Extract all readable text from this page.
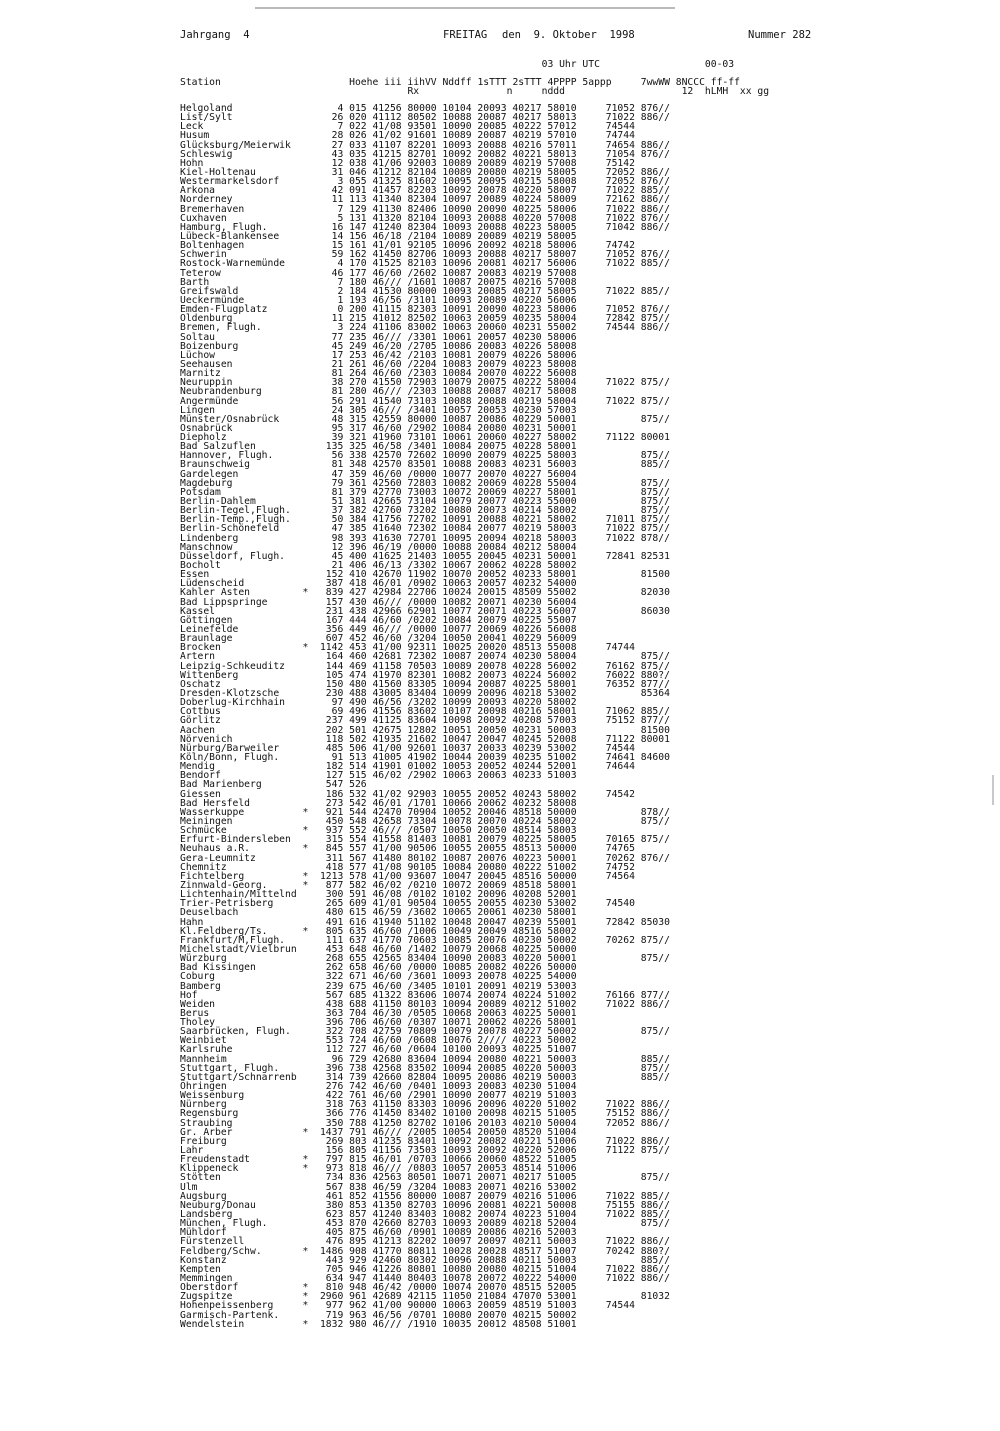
Jahrgang  4	FREITAG den  9. Oktober  1998	Nummer 282
03 Uhr UTC                  00-03
Station                      Hoehe iii iihVV Nddff 1sTTT 2sTTT 4PPPP 5appp     7wwWW 8NCCC ff-ff
Rx               n     nddd                    12  hLMH  xx gg
Helgoland	4 015 41256 80000 10104 20093 40217 58010     71052 876//
List/Sylt	26 020 41112 80502 10088 20087 40217 58013     71022 886//
Leck	7 022 41/08 93501 10090 20085 40222 57012     74544
Husum	28 026 41/02 91601 10089 20087 40219 57010     74744
Glücksburg/Meierwik   27 033 41107 82201 10093 20088 40216 57011     74654 886//
Schleswig	43 035 41215 82701 10092 20082 40221 58013     71054 876//
Hohn	12 038 41/06 92003 10089 20089 40219 57008     75142
Kiel-Holtenau	31 046 41212 82104 10089 20080 40219 58005     72052 886//
Westermarkelsdorf	3 055 41325 81602 10095 20095 40215 58008     72052 876//
Arkona	42 091 41457 82203 10092 20078 40220 58007     71022 885//
Norderney	11 113 41340 82304 10097 20089 40224 58009     72162 886//
Bremerhaven	7 129 41130 82406 10090 20090 40225 58006     71022 886//
Cuxhaven	5 131 41320 82104 10093 20088 40220 57008     71022 876//
Hamburg, Flugh.	16 147 41240 82304 10093 20088 40223 58005     71042 886//
Lübeck-Blankensee	14 156 46/18 /2104 10089 20089 40219 58005
Boltenhagen	15 161 41/01 92105 10096 20092 40218 58006     74742
Schwerin	59 162 41450 82706 10093 20088 40217 58007     71052 876//
Rostock-Warnemünde	4 170 41525 82103 10096 20081 40217 56006     71022 885//
Teterow	46 177 46/60 /2602 10087 20083 40219 57008
Barth	7 180 46/// /1601 10087 20075 40216 57008
Greifswald	2 184 41530 80000 10093 20085 40217 58005     71022 885//
Ueckermünde	1 193 46/56 /3101 10093 20089 40220 56006
Emden-Flugplatz	0 200 41115 82303 10091 20090 40223 58006     71052 876//
Oldenburg	11 215 41012 82502 10063 20059 40235 58004     72842 875//
Bremen, Flugh.	3 224 41106 83002 10063 20060 40231 55002     74544 886//
Soltau	77 235 46/// /3301 10061 20057 40230 58006
Boizenburg	45 249 46/20 /2705 10086 20083 40226 58008
Lüchow	17 253 46/42 /2103 10081 20079 40226 58006
Seehausen	21 261 46/60 /2204 10083 20079 40223 58008
Marnitz	81 264 46/60 /2303 10084 20070 40222 56008
Neuruppin	38 270 41550 72903 10079 20075 40222 58004     71022 875//
Neubrandenburg	81 280 46/// /2303 10088 20087 40217 58008
Angermünde	56 291 41540 73103 10088 20088 40219 58004     71022 875//
Lingen	24 305 46/// /3401 10057 20053 40230 57003
Münster/Osnabrück	48 315 42559 80000 10087 20086 40229 50001           875//
Osnabrück	95 317 46/60 /2902 10084 20080 40231 50001
Diepholz	39 321 41960 73101 10061 20060 40227 58002     71122 80001
Bad Salzuflen	135 325 46/58 /3401 10084 20075 40228 58001
Hannover, Flugh.	56 338 42570 72602 10090 20079 40225 58003           875//
Braunschweig	81 348 42570 83501 10088 20083 40231 56003           885//
Gardelegen	47 359 46/60 /0000 10077 20070 40227 56004
Magdeburg	79 361 42560 72803 10082 20069 40228 55004           875//
Potsdam	81 379 42770 73003 10072 20069 40227 58001           875//
Berlin-Dahlem	51 381 42665 73104 10079 20077 40223 55000           875//
Berlin-Tegel,Flugh.   37 382 42760 73202 10080 20073 40214 58002           875//
Berlin-Temp.,Flugh.   50 384 41756 72702 10091 20088 40221 58002     71011 875//
Berlin-Schönefeld	47 385 41640 72302 10084 20077 40219 58003     71022 875//
Lindenberg	98 393 41630 72701 10095 20094 40218 58003     71022 878//
Manschnow	12 396 46/19 /0000 10088 20084 40212 58004
Düsseldorf, Flugh.	45 400 41625 21403 10055 20045 40231 50001     72841 82531
Bocholt	21 406 46/13 /3302 10067 20062 40228 58002
Essen	152 410 42670 11902 10070 20052 40233 58001           81500
Lüdenscheid	387 418 46/01 /0902 10063 20057 40232 54000
Kahler Asten	*  839 427 42984 22706 10024 20015 48509 55002           82030
Bad Lippspringe	157 430 46/// /0000 10082 20071 40230 56004
Kassel	231 438 42966 62901 10077 20071 40223 56007           86030
Göttingen	167 444 46/60 /0202 10084 20079 40225 55007
Leinefelde	356 449 46/// /0000 10077 20069 40226 56008
Braunlage	607 452 46/60 /3204 10050 20041 40229 56009
Brocken	* 1142 453 41/00 92311 10025 20020 48513 55008     74744
Artern	164 460 42681 72302 10087 20074 40230 58004           875//
Leipzig-Schkeuditz	144 469 41158 70503 10089 20078 40228 56002     76162 875//
Wittenberg	105 474 41970 82301 10082 20073 40224 56002     76022 880?/
Oschatz	150 480 41560 83305 10094 20087 40225 58001     76352 877//
Dresden-Klotzsche	230 488 43005 83404 10099 20096 40218 53002           85364
Doberlug-Kirchhain	97 490 46/56 /3202 10099 20093 40220 58002
Cottbus	69 496 41556 83602 10107 20098 40216 58001     71062 885//
Görlitz	237 499 41125 83604 10098 20092 40208 57003     75152 877//
Aachen	202 501 42675 12802 10051 20050 40231 50003           81500
Nörvenich	118 502 41935 21602 10047 20047 40245 52008     71122 80001
Nürburg/Barweiler	485 506 41/00 92601 10037 20033 40239 53002     74544
Köln/Bonn, Flugh.	91 513 41005 41902 10044 20039 40235 51002     74641 84600
Mendig	182 514 41901 01002 10053 20052 40244 52001     74644
Bendorf	127 515 46/02 /2902 10063 20063 40233 51003
Bad Marienberg	547 526
Giessen	186 532 41/02 92903 10055 20052 40243 58002     74542
Bad Hersfeld	273 542 46/01 /1701 10066 20062 40232 58008
Wasserkuppe	*  921 544 42470 70904 10052 20046 48518 50000           878//
Meiningen	450 548 42658 73304 10078 20070 40224 58002           875//
Schmücke	*  937 552 46/// /0507 10050 20050 48514 58003
Erfurt-Bindersleben  315 554 41558 81403 10081 20079 40225 58005     70165 875//
Neuhaus a.R.	*  845 557 41/00 90506 10055 20055 48513 50000     74765
Gera-Leumnitz	311 567 41480 80102 10087 20076 40223 50001     70262 876//
Chemnitz	418 577 41/08 90105 10084 20080 40222 51002     74752
Fichtelberg	* 1213 578 41/00 93607 10047 20045 48516 50000     74564
Zinnwald-Georg.	*  877 582 46/02 /0210 10072 20069 48518 58001
Lichtenhain/Mittelnd  300 591 46/08 /0102 10102 20096 40208 52001
Trier-Petrisberg	265 609 41/01 90504 10055 20055 40230 53002     74540
Deuselbach	480 615 46/59 /3602 10065 20061 40230 58001
Hahn	491 616 41940 51102 10048 20047 40239 55001     72842 85030
Kl.Feldberg/Ts.	*  805 635 46/60 /1006 10049 20049 48516 58002
Frankfurt/M,Flugh.	111 637 41770 70603 10085 20076 40230 50002     70262 875//
Michelstadt/Vielbrun  453 648 46/60 /1402 10079 20068 40225 50000
Würzburg	268 655 42565 83404 10090 20083 40220 50001           875//
Bad Kissingen	262 658 46/60 /0000 10085 20082 40226 50000
Coburg	322 671 46/60 /3601 10093 20078 40225 54000
Bamberg	239 675 46/60 /3405 10101 20091 40219 53003
Hof	567 685 41322 83606 10074 20074 40224 51002     76166 877//
Weiden	438 688 41150 80103 10094 20089 40212 51002     71022 886//
Berus	363 704 46/30 /0505 10068 20063 40225 50001
Tholey	396 706 46/60 /0307 10071 20062 40226 58001
Saarbrücken, Flugh.  322 708 42759 70809 10079 20078 40227 50002           875//
Weinbiet	553 724 46/60 /0608 10076 2//// 40223 50002
Karlsruhe	112 727 46/60 /0604 10100 20093 40225 51007
Mannheim	96 729 42680 83604 10094 20080 40221 50003           885//
Stuttgart, Flugh.	396 738 42568 83502 10094 20085 40220 50003           875//
Stuttgart/Schnarrenb  314 739 42660 82804 10095 20086 40219 50003           885//
Öhringen	276 742 46/60 /0401 10093 20083 40230 51004
Weissenburg	422 761 46/60 /2901 10090 20077 40219 51003
Nürnberg	318 763 41150 83303 10096 20096 40220 51002     71022 886//
Regensburg	366 776 41450 83402 10100 20098 40215 51005     75152 886//
Straubing	350 788 41250 82702 10106 20103 40210 50004     72052 886//
Gr. Arber	* 1437 791 46/// /2005 10054 20050 48520 51004
Freiburg	269 803 41235 83401 10092 20082 40221 51006     71022 886//
Lahr	156 805 41156 73503 10093 20092 40220 52006     71122 875//
Freudenstadt	*  797 815 46/01 /0703 10066 20060 48522 51005
Klippeneck	*  973 818 46/// /0803 10057 20053 48514 51006
Stötten	734 836 42563 80501 10071 20071 40217 51005           875//
Ulm	567 838 46/59 /3204 10083 20071 40216 53002
Augsburg	461 852 41556 80000 10087 20079 40216 51006     71022 885//
Neuburg/Donau	380 853 41350 82703 10096 20081 40221 50008     75155 886//
Landsberg	623 857 41240 83403 10082 20074 40223 51004     71022 885//
München, Flugh.	453 870 42660 82703 10093 20089 40218 52004           875//
Mühldorf	405 875 46/60 /0901 10089 20086 40216 52003
Fürstenzell	476 895 41213 82202 10097 20097 40211 50003     71022 886//
Feldberg/Schw.	* 1486 908 41770 80811 10028 20028 48517 51007     70242 880?/
Konstanz	443 929 42460 80302 10096 20088 40211 50003           885//
Kempten	705 946 41226 80801 10080 20080 40215 51004     71022 886//
Memmingen	634 947 41440 80403 10078 20072 40222 54000     71022 886//
Oberstdorf	*  810 948 46/42 /0000 10074 20070 48515 52005
Zugspitze	* 2960 961 42689 42115 11050 21084 47070 53001           81032
Hohenpeissenberg	*  977 962 41/00 90000 10063 20059 48519 51003     74544
Garmisch-Partenk.	719 963 46/56 /0701 10080 20070 40215 50002
Wendelstein	* 1832 980 46/// /1910 10035 20012 48508 51001
